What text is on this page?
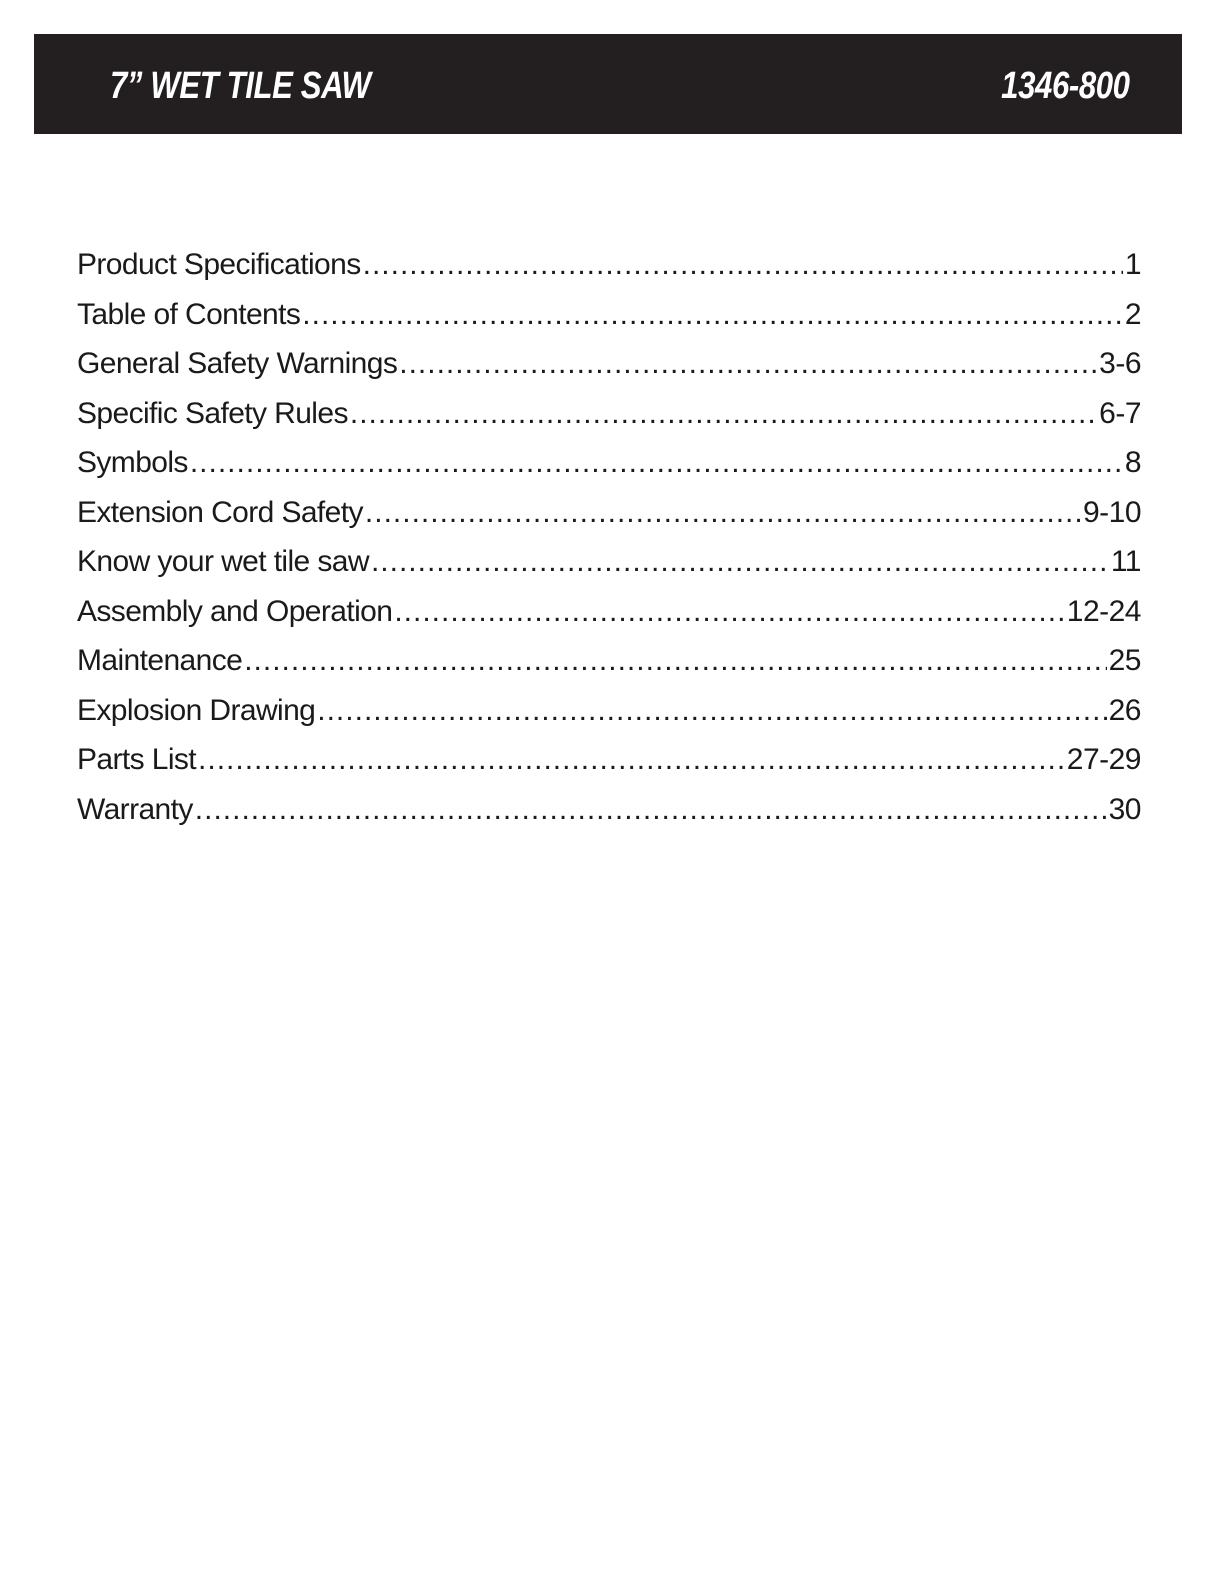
7” WET TILE SAW	1346-800
Product Specifications .....	1
Table of Contents .....	2
General Safety Warnings .....	3-6
Specific Safety Rules .....	6-7
Symbols .....	8
Extension Cord Safety .....	9-10
Know your wet tile saw .....	11
Assembly and Operation .....	12-24
Maintenance .....	25
Explosion Drawing .....	26
Parts List .....	27-29
Warranty .....	30
